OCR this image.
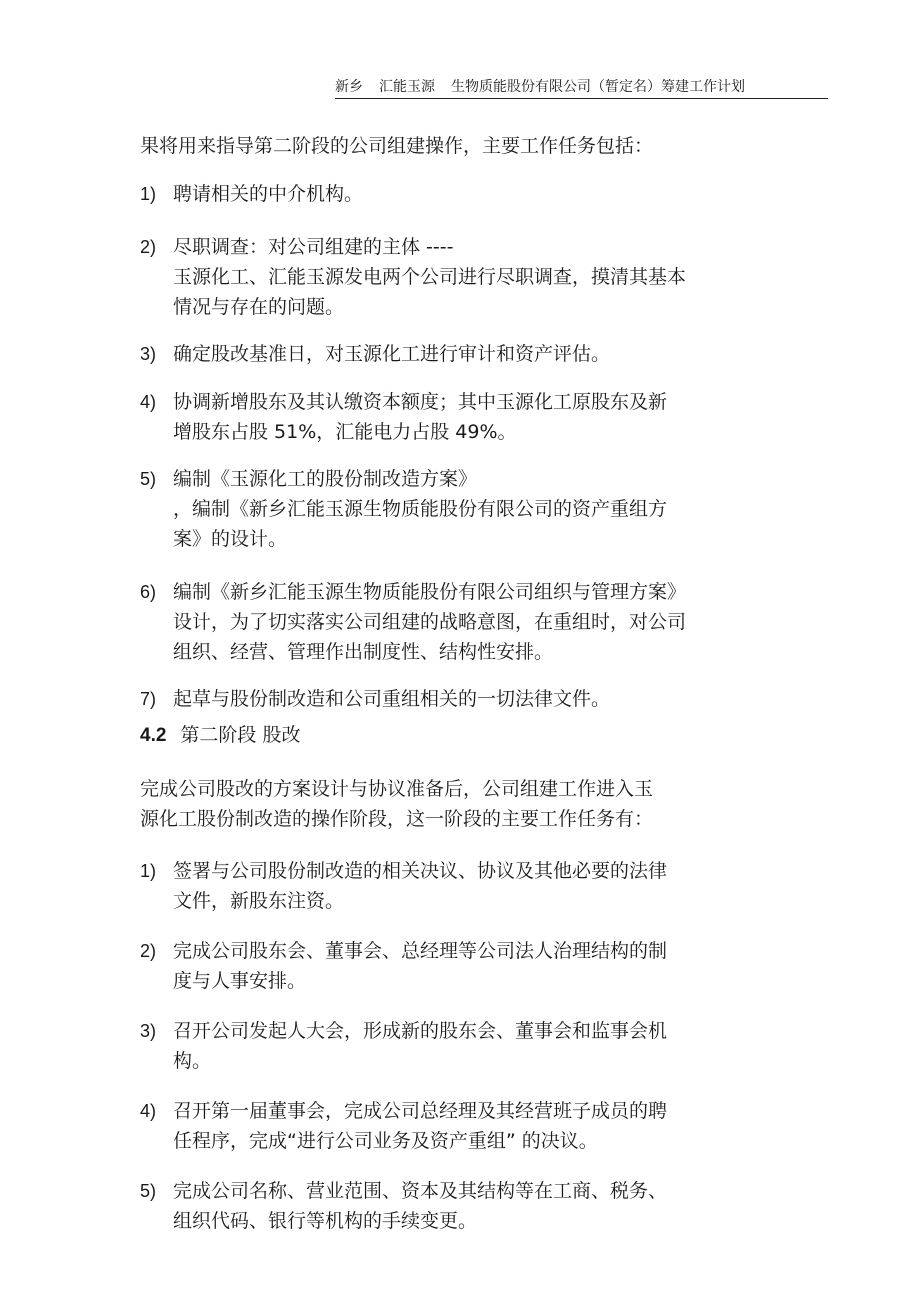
新乡 汇能玉源 生物质能股份有限公司（暂定名）筹建工作计划

果将用来指导第二阶段的公司组建操作，主要工作任务包括：

1) 聘请相关的中介机构。
2) 尽职调查：对公司组建的主体 ----
玉源化工、汇能玉源发电两个公司进行尽职调查，摸清其基本
情况与存在的问题。
3) 确定股改基准日，对玉源化工进行审计和资产评估。
4) 协调新增股东及其认缴资本额度；其中玉源化工原股东及新
增股东占股 51%，汇能电力占股 49%。
5) 编制《玉源化工的股份制改造方案》
，编制《新乡汇能玉源生物质能股份有限公司的资产重组方
案》的设计。
6) 编制《新乡汇能玉源生物质能股份有限公司组织与管理方案》
设计，为了切实落实公司组建的战略意图，在重组时，对公司
组织、经营、管理作出制度性、结构性安排。
7) 起草与股份制改造和公司重组相关的一切法律文件。

4.2 第二阶段 股改

完成公司股改的方案设计与协议准备后，公司组建工作进入玉
源化工股份制改造的操作阶段，这一阶段的主要工作任务有：

1) 签署与公司股份制改造的相关决议、协议及其他必要的法律
文件，新股东注资。
2) 完成公司股东会、董事会、总经理等公司法人治理结构的制
度与人事安排。
3) 召开公司发起人大会，形成新的股东会、董事会和监事会机
构。
4) 召开第一届董事会，完成公司总经理及其经营班子成员的聘
任程序，完成“进行公司业务及资产重组” 的决议。
5) 完成公司名称、营业范围、资本及其结构等在工商、税务、
组织代码、银行等机构的手续变更。
